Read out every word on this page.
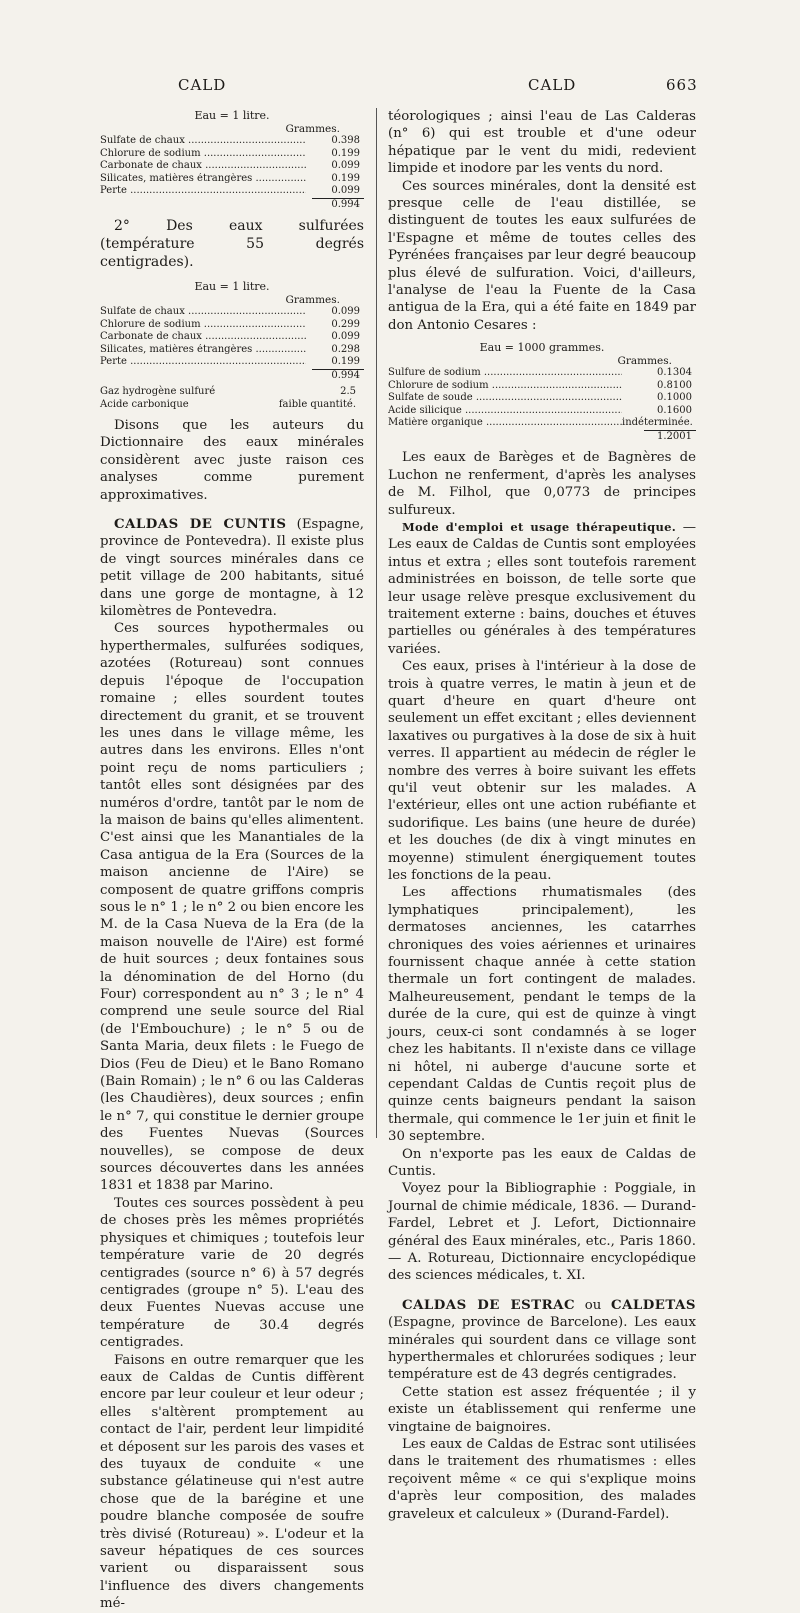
CALD	CALD	663
Eau = 1 litre.
Grammes.
Sulfate de chaux .....	0.398
Chlorure de sodium .....	0.199
Carbonate de chaux .....	0.099
Silicates, matières étrangères .....	0.199
Perte .....	0.099
0.994

2° Des eaux sulfurées (température 55 degrés centigrades).

Eau = 1 litre.
Grammes.
Sulfate de chaux .....	0.099
Chlorure de sodium .....	0.299
Carbonate de chaux .....	0.099
Silicates, matières étrangères .....	0.298
Perte .....	0.199
0.994
Gaz hydrogène sulfuré	2.5
Acide carbonique	faible quantité.

Disons que les auteurs du Dictionnaire des eaux minérales considèrent avec juste raison ces analyses comme purement approximatives.

CALDAS DE CUNTIS (Espagne, province de Pontevedra). Il existe plus de vingt sources minérales dans ce petit village de 200 habitants, situé dans une gorge de montagne, à 12 kilomètres de Pontevedra.

Ces sources hypothermales ou hyperthermales, sulfurées sodiques, azotées (Rotureau) sont connues depuis l'époque de l'occupation romaine ; elles sourdent toutes directement du granit, et se trouvent les unes dans le village même, les autres dans les environs. Elles n'ont point reçu de noms particuliers ; tantôt elles sont désignées par des numéros d'ordre, tantôt par le nom de la maison de bains qu'elles alimentent. C'est ainsi que les Manantiales de la Casa antigua de la Era (Sources de la maison ancienne de l'Aire) se composent de quatre griffons compris sous le n° 1 ; le n° 2 ou bien encore les M. de la Casa Nueva de la Era (de la maison nouvelle de l'Aire) est formé de huit sources ; deux fontaines sous la dénomination de del Horno (du Four) correspondent au n° 3 ; le n° 4 comprend une seule source del Rial (de l'Embouchure) ; le n° 5 ou de Santa Maria, deux filets : le Fuego de Dios (Feu de Dieu) et le Bano Romano (Bain Romain) ; le n° 6 ou las Calderas (les Chaudières), deux sources ; enfin le n° 7, qui constitue le dernier groupe des Fuentes Nuevas (Sources nouvelles), se compose de deux sources découvertes dans les années 1831 et 1838 par Marino.

Toutes ces sources possèdent à peu de choses près les mêmes propriétés physiques et chimiques ; toutefois leur température varie de 20 degrés centigrades (source n° 6) à 57 degrés centigrades (groupe n° 5). L'eau des deux Fuentes Nuevas accuse une température de 30.4 degrés centigrades.

Faisons en outre remarquer que les eaux de Caldas de Cuntis diffèrent encore par leur couleur et leur odeur ; elles s'altèrent promptement au contact de l'air, perdent leur limpidité et déposent sur les parois des vases et des tuyaux de conduite « une substance gélatineuse qui n'est autre chose que de la barégine et une poudre blanche composée de soufre très divisé (Rotureau) ». L'odeur et la saveur hépatiques de ces sources varient ou disparaissent sous l'influence des divers changements mé-

téorologiques ; ainsi l'eau de Las Calderas (n° 6) qui est trouble et d'une odeur hépatique par le vent du midi, redevient limpide et inodore par les vents du nord.

Ces sources minérales, dont la densité est presque celle de l'eau distillée, se distinguent de toutes les eaux sulfurées de l'Espagne et même de toutes celles des Pyrénées françaises par leur degré beaucoup plus élevé de sulfuration. Voici, d'ailleurs, l'analyse de l'eau la Fuente de la Casa antigua de la Era, qui a été faite en 1849 par don Antonio Cesares :

Eau = 1000 grammes.
Grammes.
Sulfure de sodium .....	0.1304
Chlorure de sodium .....	0.8100
Sulfate de soude .....	0.1000
Acide silicique .....	0.1600
Matière organique .....	indéterminée.
1.2001

Les eaux de Barèges et de Bagnères de Luchon ne renferment, d'après les analyses de M. Filhol, que 0,0773 de principes sulfureux.

Mode d'emploi et usage thérapeutique. — Les eaux de Caldas de Cuntis sont employées intus et extra ; elles sont toutefois rarement administrées en boisson, de telle sorte que leur usage relève presque exclusivement du traitement externe : bains, douches et étuves partielles ou générales à des températures variées.

Ces eaux, prises à l'intérieur à la dose de trois à quatre verres, le matin à jeun et de quart d'heure en quart d'heure ont seulement un effet excitant ; elles deviennent laxatives ou purgatives à la dose de six à huit verres. Il appartient au médecin de régler le nombre des verres à boire suivant les effets qu'il veut obtenir sur les malades. A l'extérieur, elles ont une action rubéfiante et sudorifique. Les bains (une heure de durée) et les douches (de dix à vingt minutes en moyenne) stimulent énergiquement toutes les fonctions de la peau.

Les affections rhumatismales (des lymphatiques principalement), les dermatoses anciennes, les catarrhes chroniques des voies aériennes et urinaires fournissent chaque année à cette station thermale un fort contingent de malades. Malheureusement, pendant le temps de la durée de la cure, qui est de quinze à vingt jours, ceux-ci sont condamnés à se loger chez les habitants. Il n'existe dans ce village ni hôtel, ni auberge d'aucune sorte et cependant Caldas de Cuntis reçoit plus de quinze cents baigneurs pendant la saison thermale, qui commence le 1er juin et finit le 30 septembre.

On n'exporte pas les eaux de Caldas de Cuntis.

Voyez pour la Bibliographie : Poggiale, in Journal de chimie médicale, 1836. — Durand-Fardel, Lebret et J. Lefort, Dictionnaire général des Eaux minérales, etc., Paris 1860. — A. Rotureau, Dictionnaire encyclopédique des sciences médicales, t. XI.

CALDAS DE ESTRAC ou CALDETAS (Espagne, province de Barcelone). Les eaux minérales qui sourdent dans ce village sont hyperthermales et chlorurées sodiques ; leur température est de 43 degrés centigrades.

Cette station est assez fréquentée ; il y existe un établissement qui renferme une vingtaine de baignoires.

Les eaux de Caldas de Estrac sont utilisées dans le traitement des rhumatismes : elles reçoivent même « ce qui s'explique moins d'après leur composition, des malades graveleux et calculeux » (Durand-Fardel).
